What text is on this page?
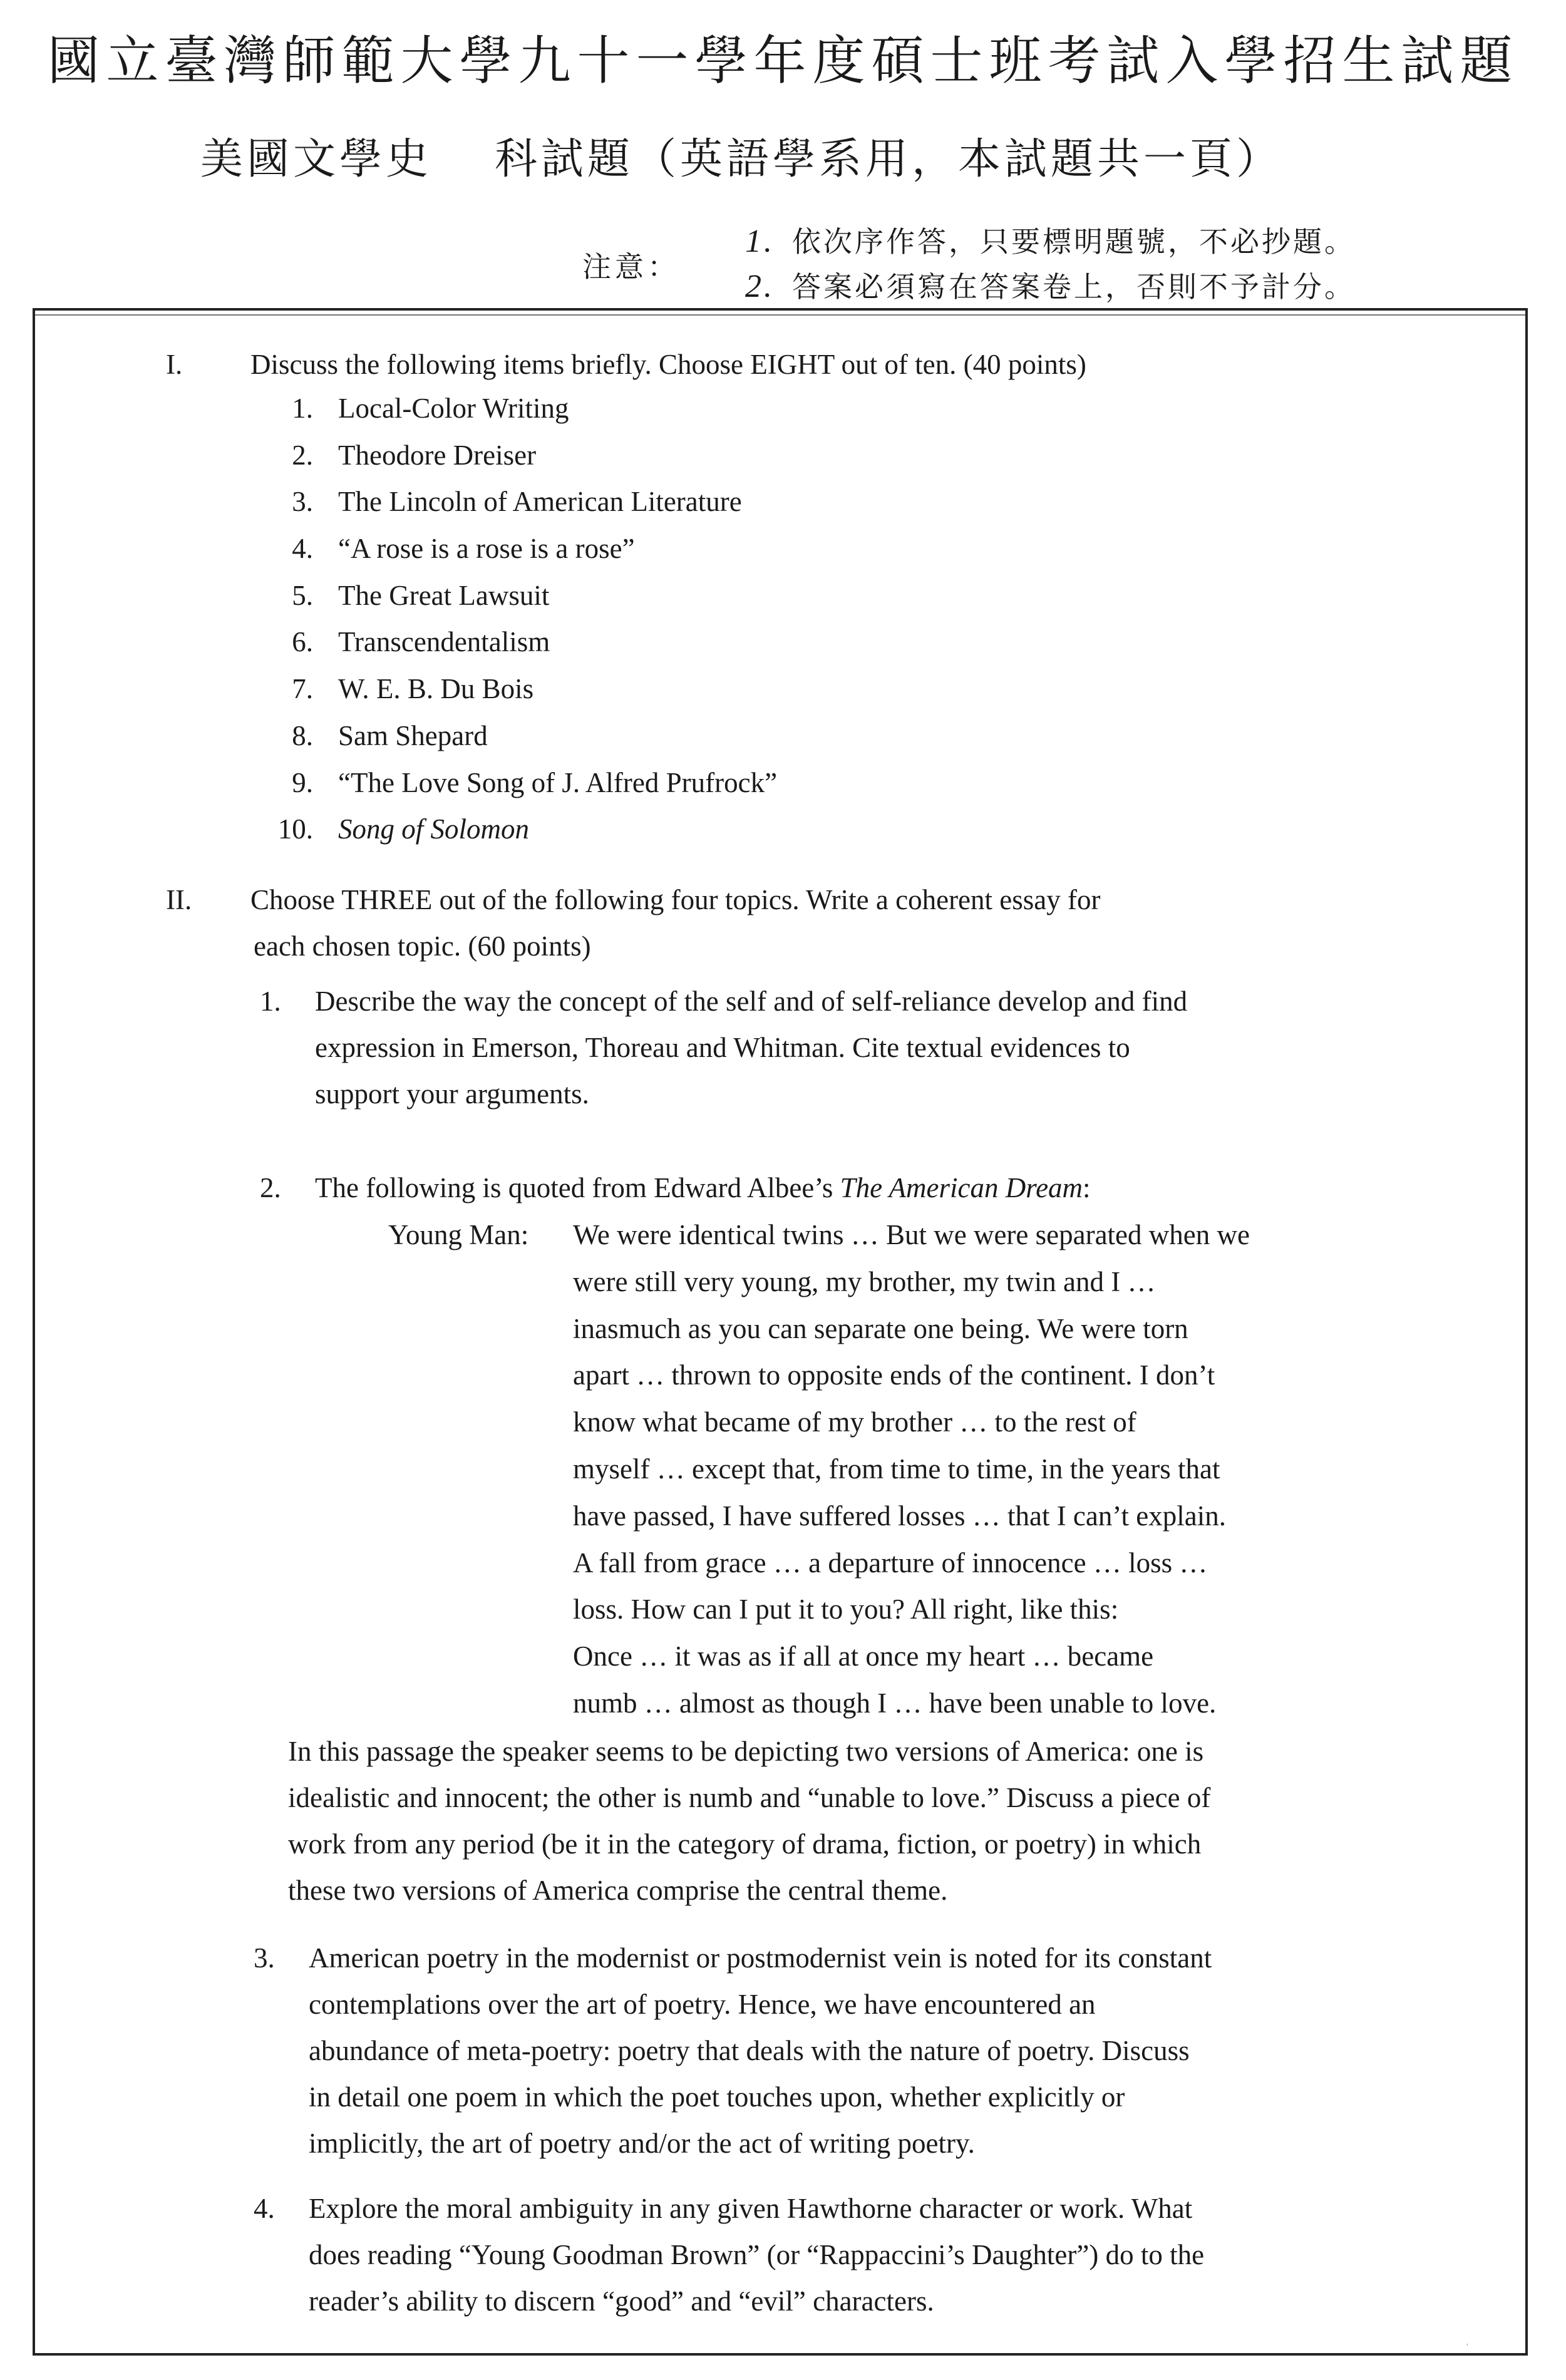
國立臺灣師範大學九十一學年度碩士班考試入學招生試題
美國文學史 科試題（英語學系用，本試題共一頁）
注意：
1. 依次序作答，只要標明題號，不必抄題。
2. 答案必須寫在答案卷上，否則不予計分。
I. Discuss the following items briefly. Choose EIGHT out of ten. (40 points)
1. Local-Color Writing
2. Theodore Dreiser
3. The Lincoln of American Literature
4. “A rose is a rose is a rose”
5. The Great Lawsuit
6. Transcendentalism
7. W. E. B. Du Bois
8. Sam Shepard
9. “The Love Song of J. Alfred Prufrock”
10. Song of Solomon
II. Choose THREE out of the following four topics. Write a coherent essay for
each chosen topic. (60 points)
1. Describe the way the concept of the self and of self-reliance develop and find
expression in Emerson, Thoreau and Whitman. Cite textual evidences to
support your arguments.
2. The following is quoted from Edward Albee’s The American Dream:
Young Man: We were identical twins … But we were separated when we
were still very young, my brother, my twin and I …
inasmuch as you can separate one being. We were torn
apart … thrown to opposite ends of the continent. I don’t
know what became of my brother … to the rest of
myself … except that, from time to time, in the years that
have passed, I have suffered losses … that I can’t explain.
A fall from grace … a departure of innocence … loss …
loss. How can I put it to you? All right, like this:
Once … it was as if all at once my heart … became
numb … almost as though I … have been unable to love.
In this passage the speaker seems to be depicting two versions of America: one is
idealistic and innocent; the other is numb and “unable to love.” Discuss a piece of
work from any period (be it in the category of drama, fiction, or poetry) in which
these two versions of America comprise the central theme.
3. American poetry in the modernist or postmodernist vein is noted for its constant
contemplations over the art of poetry. Hence, we have encountered an
abundance of meta-poetry: poetry that deals with the nature of poetry. Discuss
in detail one poem in which the poet touches upon, whether explicitly or
implicitly, the art of poetry and/or the act of writing poetry.
4. Explore the moral ambiguity in any given Hawthorne character or work. What
does reading “Young Goodman Brown” (or “Rappaccini’s Daughter”) do to the
reader’s ability to discern “good” and “evil” characters.
ˈ
